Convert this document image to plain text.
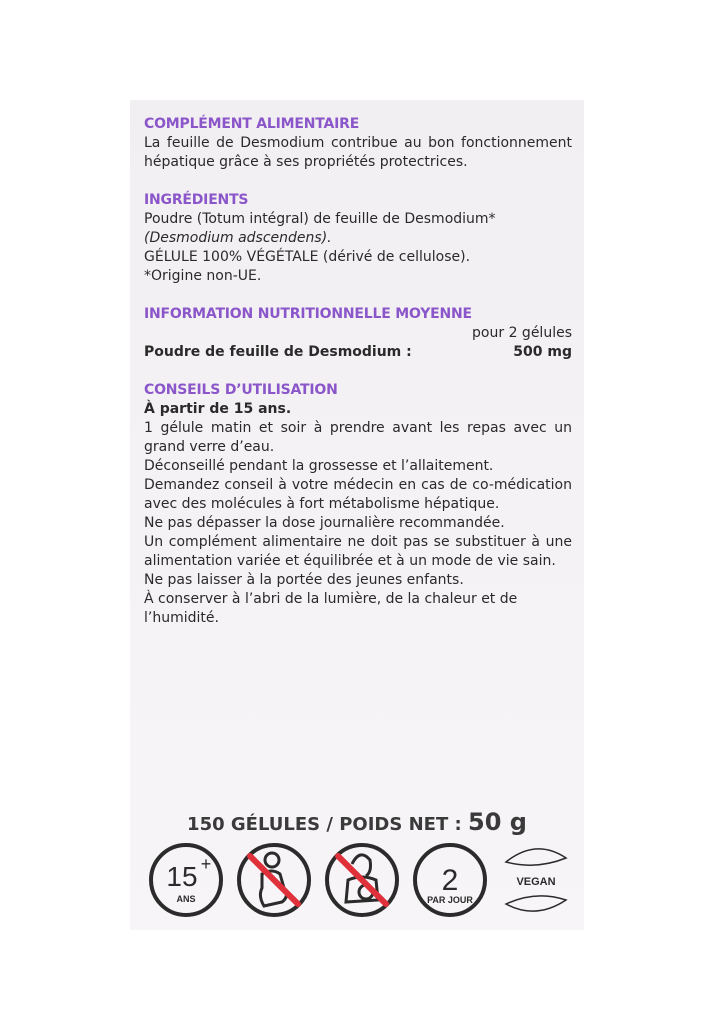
COMPLÉMENT ALIMENTAIRE

La feuille de Desmodium contribue au bon fonctionnement hépatique grâce à ses propriétés protectrices.

INGRÉDIENTS

Poudre (Totum intégral) de feuille de Desmodium*

(Desmodium adscendens).

GÉLULE 100% VÉGÉTALE (dérivé de cellulose).

*Origine non-UE.

INFORMATION NUTRITIONNELLE MOYENNE

pour 2 gélules
Poudre de feuille de Desmodium :	500 mg

CONSEILS D’UTILISATION

À partir de 15 ans.

1 gélule matin et soir à prendre avant les repas avec un grand verre d’eau.

Déconseillé pendant la grossesse et l’allaitement.

Demandez conseil à votre médecin en cas de co-médication avec des molécules à fort métabolisme hépatique.

Ne pas dépasser la dose journalière recommandée.

Un complément alimentaire ne doit pas se substituer à une alimentation variée et équilibrée et à un mode de vie sain.

Ne pas laisser à la portée des jeunes enfants.

À conserver à l’abri de la lumière, de la chaleur et de l’humidité.

150 GÉLULES / POIDS NET : 50 g
15 +
ANS
2
PAR JOUR
VEGAN
